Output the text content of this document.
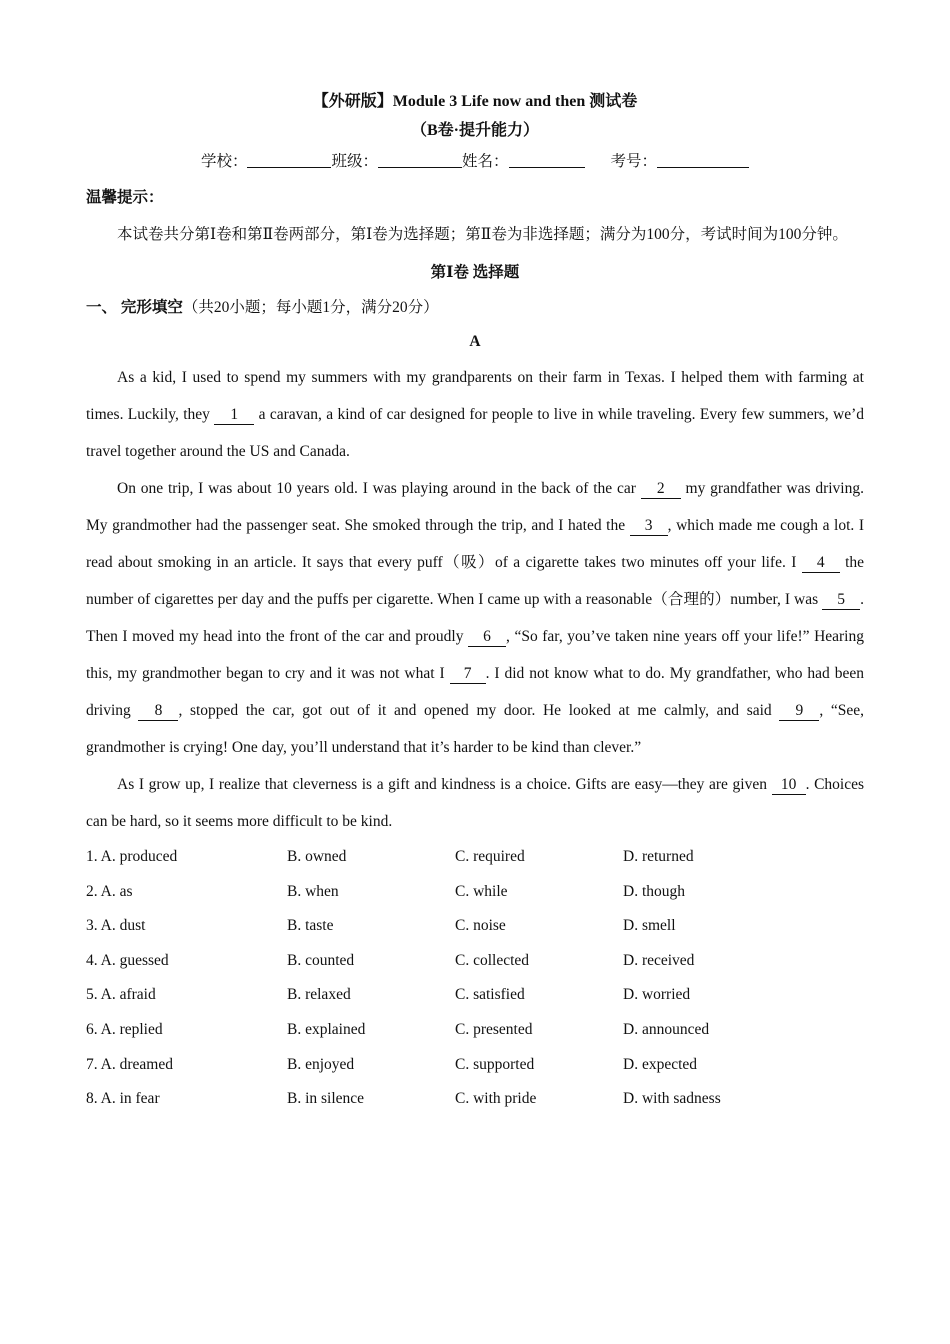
【外研版】Module 3 Life now and then 测试卷
（B卷·提升能力）
学校：	班级：	姓名：	考号：
温馨提示：

本试卷共分第Ⅰ卷和第Ⅱ卷两部分，第Ⅰ卷为选择题；第Ⅱ卷为非选择题；满分为100分，考试时间为100分钟。

第Ⅰ卷 选择题
一、 完形填空（共20小题；每小题1分，满分20分）
A

As a kid, I used to spend my summers with my grandparents on their farm in Texas. I helped them with farming at times. Luckily, they 1 a caravan, a kind of car designed for people to live in while traveling. Every few summers, we’d travel together around the US and Canada.

On one trip, I was about 10 years old. I was playing around in the back of the car 2 my grandfather was driving. My grandmother had the passenger seat. She smoked through the trip, and I hated the 3 , which made me cough a lot. I read about smoking in an article. It says that every puff（吸）of a cigarette takes two minutes off your life. I 4 the number of cigarettes per day and the puffs per cigarette. When I came up with a reasonable（合理的）number, I was 5 . Then I moved my head into the front of the car and proudly 6 , “So far, you’ve taken nine years off your life!” Hearing this, my grandmother began to cry and it was not what I 7 . I did not know what to do. My grandfather, who had been driving 8 , stopped the car, got out of it and opened my door. He looked at me calmly, and said 9 , “See, grandmother is crying! One day, you’ll understand that it’s harder to be kind than clever.”

As I grow up, I realize that cleverness is a gift and kindness is a choice. Gifts are easy—they are given 10 . Choices can be hard, so it seems more difficult to be kind.

1. A. produced	B. owned	C. required	D. returned
2. A. as	B. when	C. while	D. though
3. A. dust	B. taste	C. noise	D. smell
4. A. guessed	B. counted	C. collected	D. received
5. A. afraid	B. relaxed	C. satisfied	D. worried
6. A. replied	B. explained	C. presented	D. announced
7. A. dreamed	B. enjoyed	C. supported	D. expected
8. A. in fear	B. in silence	C. with pride	D. with sadness
